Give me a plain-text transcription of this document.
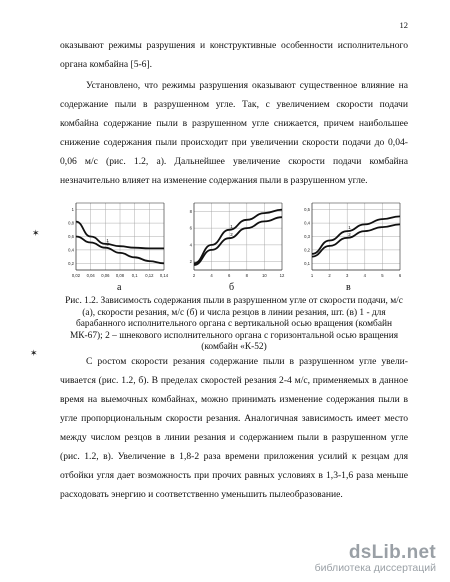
12

оказывают режимы разрушения и конструктивные особенности исполнительного органа комбайна [5-6].

Установлено, что режимы разрушения оказывают существенное влияние на содержание пыли в разрушенном угле. Так, с увеличением скорости подачи комбайна содержание пыли в разрушенном угле снижается, причем наибольшее снижение содержания пыли происходит при увеличении скорости подачи до 0,04-0,06 м/с (рис. 1.2, а). Дальнейшее увеличение скорости подачи комбайна незначительно влияет на изменение содержания пыли в разрушенном угле.

1
0,8
0,6
0,4
0,2
0,02 0,04 0,06 0,08 0,1 0,12 0,14
1
2
8
6
4
2
2	4	6	8	10	12
1
2
0,5
0,4
0,3
0,2
0,1
1	2	3	4	5	6
1
2
а	б	в

Рис. 1.2. Зависимость содержания пыли в разрушенном угле от скорости подачи, м/с (а), скорости резания, м/с (б) и числа резцов в линии резания, шт. (в) 1 - для барабанного исполнительного органа с вертикальной осью вращения (комбайн МК-67); 2 – шнекового исполнительного органа с горизонтальной осью вращения (комбайн «К-52)

С ростом скорости резания содержание пыли в разрушенном угле увеличивается (рис. 1.2, б). В пределах скоростей резания 2-4 м/с, применяемых в данное время на выемочных комбайнах, можно принимать изменение содержания пыли в угле пропорциональным скорости резания. Аналогичная зависимость имеет место между числом резцов в линии резания и содержанием пыли в разрушенном угле (рис. 1.2, в). Увеличение в 1,8-2 раза времени приложения усилий к резцам для отбойки угля дает возможность при прочих равных условиях в 1,3-1,6 раза меньше расходовать энергию и соответственно уменьшить пылеобразование.

✶
✶
dsLib.net
библиотека диссертаций
